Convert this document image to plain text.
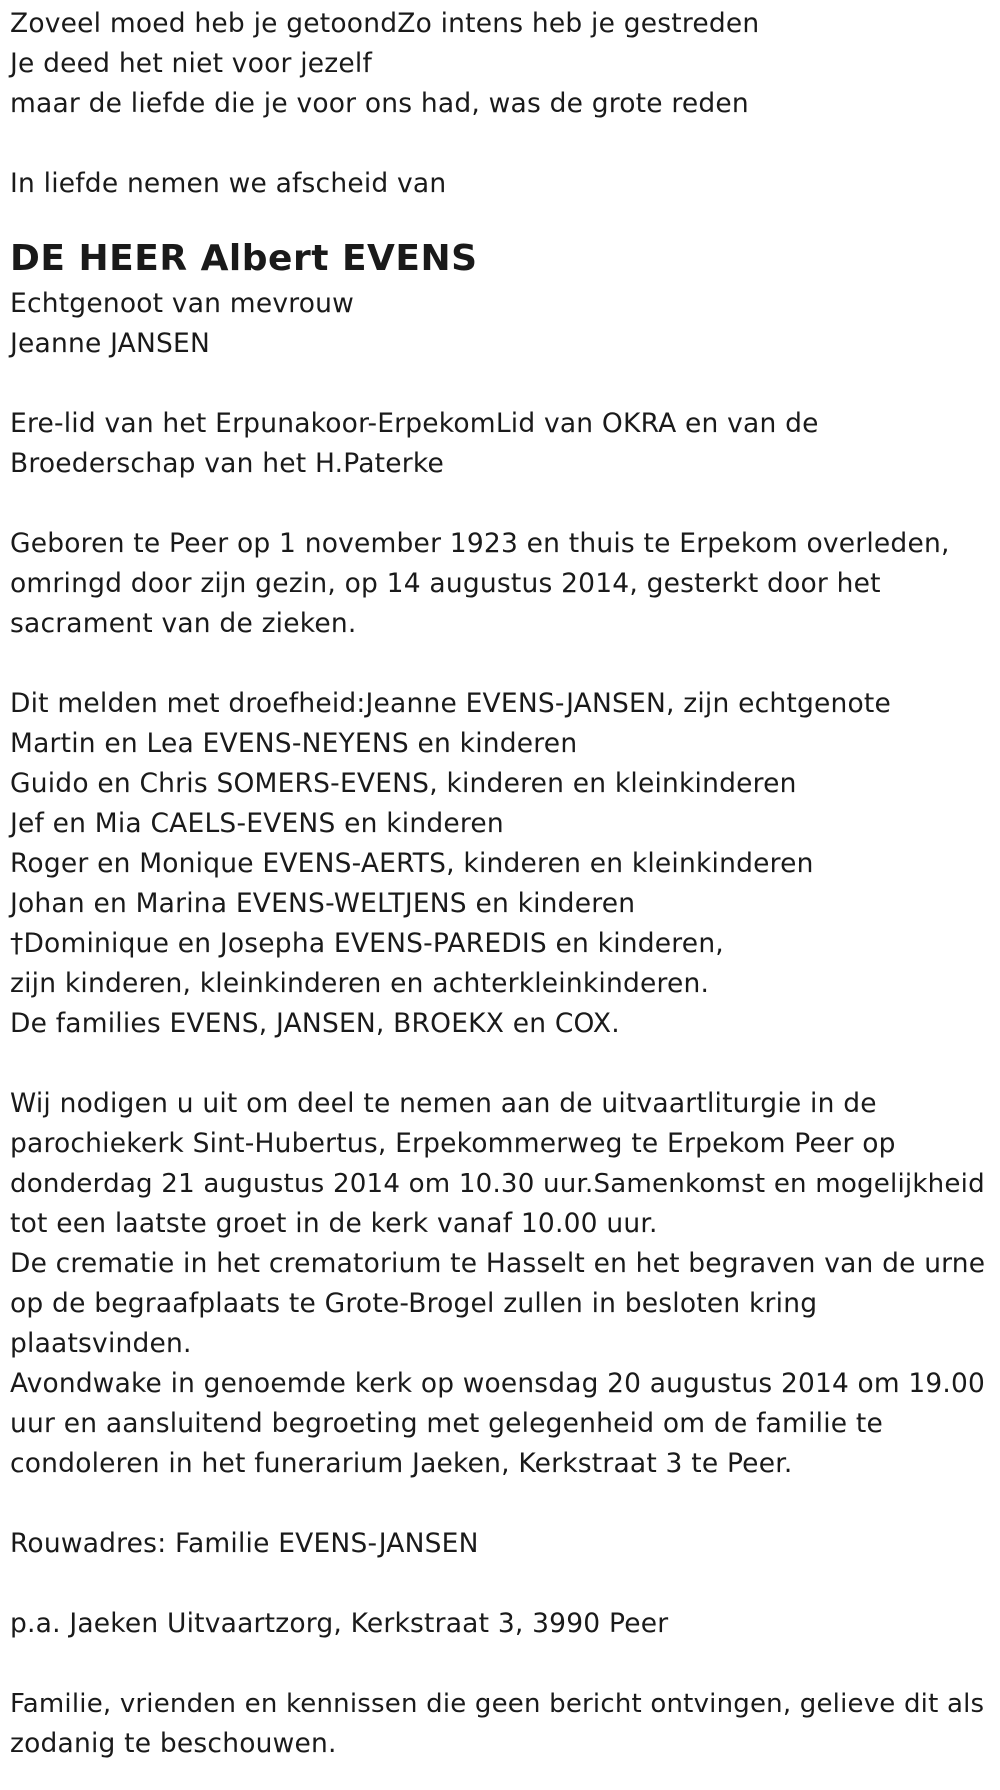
Zoveel moed heb je getoondZo intens heb je gestreden
Je deed het niet voor jezelf
maar de liefde die je voor ons had, was de grote reden
In liefde nemen we afscheid van
DE HEER Albert EVENS
Echtgenoot van mevrouw
Jeanne JANSEN
Ere-lid van het Erpunakoor-ErpekomLid van OKRA en van de
Broederschap van het H.Paterke
Geboren te Peer op 1 november 1923 en thuis te Erpekom overleden,
omringd door zijn gezin, op 14 augustus 2014, gesterkt door het
sacrament van de zieken.
Dit melden met droefheid:Jeanne EVENS-JANSEN, zijn echtgenote
Martin en Lea EVENS-NEYENS en kinderen
Guido en Chris SOMERS-EVENS, kinderen en kleinkinderen
Jef en Mia CAELS-EVENS en kinderen
Roger en Monique EVENS-AERTS, kinderen en kleinkinderen
Johan en Marina EVENS-WELTJENS en kinderen
†Dominique en Josepha EVENS-PAREDIS en kinderen,
zijn kinderen, kleinkinderen en achterkleinkinderen.
De families EVENS, JANSEN, BROEKX en COX.
Wij nodigen u uit om deel te nemen aan de uitvaartliturgie in de
parochiekerk Sint-Hubertus, Erpekommerweg te Erpekom Peer op
donderdag 21 augustus 2014 om 10.30 uur.Samenkomst en mogelijkheid
tot een laatste groet in de kerk vanaf 10.00 uur.
De crematie in het crematorium te Hasselt en het begraven van de urne
op de begraafplaats te Grote-Brogel zullen in besloten kring
plaatsvinden.
Avondwake in genoemde kerk op woensdag 20 augustus 2014 om 19.00
uur en aansluitend begroeting met gelegenheid om de familie te
condoleren in het funerarium Jaeken, Kerkstraat 3 te Peer.
Rouwadres: Familie EVENS-JANSEN
p.a. Jaeken Uitvaartzorg, Kerkstraat 3, 3990 Peer
Familie, vrienden en kennissen die geen bericht ontvingen, gelieve dit als
zodanig te beschouwen.
